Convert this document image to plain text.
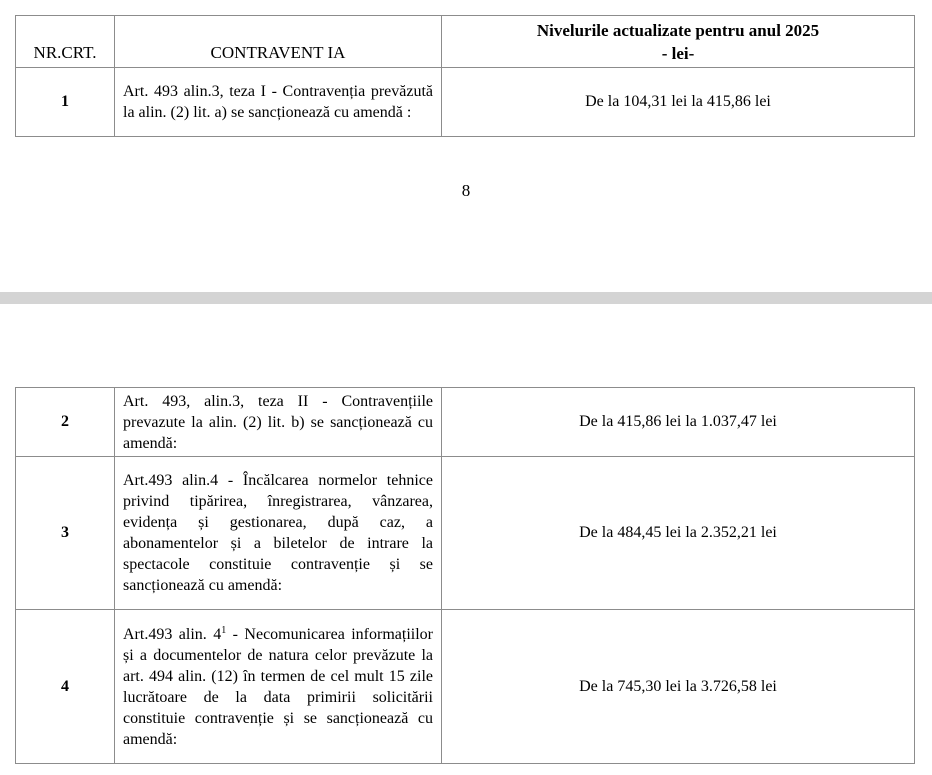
NR.CRT.	CONTRAVENT IA	Nivelurile actualizate pentru anul 2025
- lei-

1	Art. 493 alin.3, teza I - Contravenția prevăzută la alin. (2) lit. a) se sancționează cu amendă :	De la 104,31 lei la 415,86 lei
8
2	Art. 493, alin.3, teza II - Contravențiile prevazute la alin. (2) lit. b) se sancționează cu amendă:	De la 415,86 lei la 1.037,47 lei
3	Art.493 alin.4 - Încălcarea normelor tehnice privind tipărirea, înregistrarea, vânzarea, evidența și gestionarea, după caz, a abonamentelor și a biletelor de intrare la spectacole constituie contravenție și se sancționează cu amendă:	De la 484,45 lei la 2.352,21 lei
4	Art.493 alin. $4^1$ - Necomunicarea informațiilor și a documentelor de natura celor prevăzute la art. 494 alin. (12) în termen de cel mult 15 zile lucrătoare de la data primirii solicitării constituie contravenție și se sancționează cu amendă:	De la 745,30 lei la 3.726,58 lei
